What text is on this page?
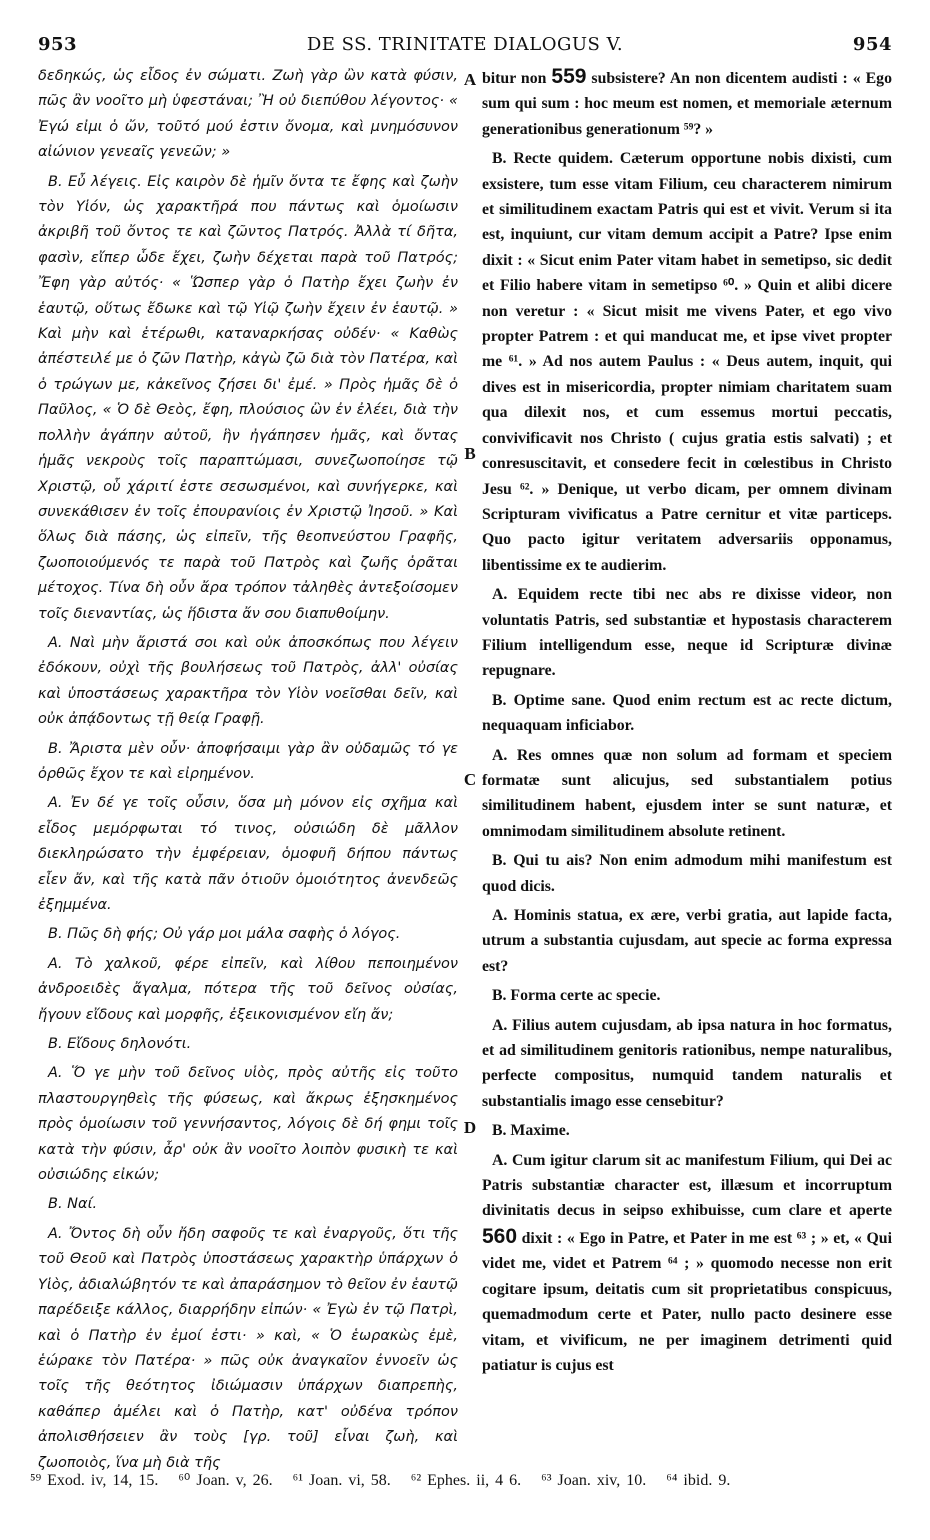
953	DE SS. TRINITATE DIALOGUS V.	954

δεδηκώς, ὡς εἶδος ἐν σώματι. Ζωὴ γὰρ ὢν κατὰ φύσιν, πῶς ἂν νοοῖτο μὴ ὑφεστάναι; Ἢ οὐ διεπύθου λέγοντος· « Ἐγώ εἰμι ὁ ὤν, τοῦτό μού ἐστιν ὄνομα, καὶ μνημόσυνον αἰώνιον γενεαῖς γενεῶν; »

Β. Εὖ λέγεις. Εἰς καιρὸν δὲ ἡμῖν ὄντα τε ἔφης καὶ ζωὴν τὸν Υἱόν, ὡς χαρακτῆρά που πάντως καὶ ὁμοίωσιν ἀκριβῆ τοῦ ὄντος τε καὶ ζῶντος Πατρός. Ἀλλὰ τί δῆτα, φασὶν, εἴπερ ὧδε ἔχει, ζωὴν δέχεται παρὰ τοῦ Πατρός; Ἔφη γὰρ αὐτός· « Ὥσπερ γὰρ ὁ Πατὴρ ἔχει ζωὴν ἐν ἑαυτῷ, οὕτως ἔδωκε καὶ τῷ Υἱῷ ζωὴν ἔχειν ἐν ἑαυτῷ. » Καὶ μὴν καὶ ἑτέρωθι, καταναρκήσας οὐδέν· « Καθὼς ἀπέστειλέ με ὁ ζῶν Πατὴρ, κἀγὼ ζῶ διὰ τὸν Πατέρα, καὶ ὁ τρώγων με, κἀκεῖνος ζήσει δι' ἐμέ. » Πρὸς ἡμᾶς δὲ ὁ Παῦλος, « Ὁ δὲ Θεὸς, ἔφη, πλούσιος ὢν ἐν ἐλέει, διὰ τὴν πολλὴν ἀγάπην αὐτοῦ, ἣν ἠγάπησεν ἡμᾶς, καὶ ὄντας ἡμᾶς νεκροὺς τοῖς παραπτώμασι, συνεζωοποίησε τῷ Χριστῷ, οὗ χάριτί ἐστε σεσωσμένοι, καὶ συνήγερκε, καὶ συνεκάθισεν ἐν τοῖς ἐπουρανίοις ἐν Χριστῷ Ἰησοῦ. » Καὶ ὅλως διὰ πάσης, ὡς εἰπεῖν, τῆς θεοπνεύστου Γραφῆς, ζωοποιούμενός τε παρὰ τοῦ Πατρὸς καὶ ζωῆς ὁρᾶται μέτοχος. Τίνα δὴ οὖν ἄρα τρόπον τἀληθὲς ἀντεξοίσομεν τοῖς διεναντίας, ὡς ἥδιστα ἄν σου διαπυθοίμην.

Α. Ναὶ μὴν ἄριστά σοι καὶ οὐκ ἀποσκόπως που λέγειν ἐδόκουν, οὐχὶ τῆς βουλήσεως τοῦ Πατρὸς, ἀλλ' οὐσίας καὶ ὑποστάσεως χαρακτῆρα τὸν Υἱὸν νοεῖσθαι δεῖν, καὶ οὐκ ἀπᾴδοντως τῇ θείᾳ Γραφῇ.

Β. Ἄριστα μὲν οὖν· ἀποφήσαιμι γὰρ ἂν οὐδαμῶς τό γε ὀρθῶς ἔχον τε καὶ εἰρημένον.

Α. Ἐν δέ γε τοῖς οὖσιν, ὅσα μὴ μόνον εἰς σχῆμα καὶ εἶδος μεμόρφωται τό τινος, οὐσιώδη δὲ μᾶλλον διεκληρώσατο τὴν ἐμφέρειαν, ὁμοφυῆ δήπου πάντως εἶεν ἄν, καὶ τῆς κατὰ πᾶν ὁτιοῦν ὁμοιότητος ἀνενδεῶς ἐξημμένα.

Β. Πῶς δὴ φής; Οὐ γάρ μοι μάλα σαφὴς ὁ λόγος.

Α. Τὸ χαλκοῦ, φέρε εἰπεῖν, καὶ λίθου πεποιημένον ἀνδροειδὲς ἄγαλμα, πότερα τῆς τοῦ δεῖνος οὐσίας, ἤγουν εἴδους καὶ μορφῆς, ἐξεικονισμένον εἴη ἄν;

Β. Εἴδους δηλονότι.

Α. Ὅ γε μὴν τοῦ δεῖνος υἱὸς, πρὸς αὐτῆς εἰς τοῦτο πλαστουργηθεὶς τῆς φύσεως, καὶ ἄκρως ἐξησκημένος πρὸς ὁμοίωσιν τοῦ γεννήσαντος, λόγοις δὲ δή φημι τοῖς κατὰ τὴν φύσιν, ἆρ' οὐκ ἂν νοοῖτο λοιπὸν φυσικὴ τε καὶ οὐσιώδης εἰκών;

Β. Ναί.

Α. Ὄντος δὴ οὖν ἤδη σαφοῦς τε καὶ ἐναργοῦς, ὅτι τῆς τοῦ Θεοῦ καὶ Πατρὸς ὑποστάσεως χαρακτὴρ ὑπάρχων ὁ Υἱὸς, ἀδιαλώβητόν τε καὶ ἀπαράσημον τὸ θεῖον ἐν ἑαυτῷ παρέδειξε κάλλος, διαρρήδην εἰπών· « Ἐγὼ ἐν τῷ Πατρὶ, καὶ ὁ Πατὴρ ἐν ἐμοί ἐστι· » καὶ, « Ὁ ἑωρακὼς ἐμὲ, ἑώρακε τὸν Πατέρα· » πῶς οὐκ ἀναγκαῖον ἐννοεῖν ὡς τοῖς τῆς θεότητος ἰδιώμασιν ὑπάρχων διαπρεπὴς, καθάπερ ἀμέλει καὶ ὁ Πατὴρ, κατ' οὐδένα τρόπον ἀπολισθήσειεν ἂν τοὺς [γρ. τοῦ] εἶναι ζωὴ, καὶ ζωοποιὸς, ἵνα μὴ διὰ τῆς

A
B
C
D

bitur non 559 subsistere? An non dicentem audisti : « Ego sum qui sum : hoc meum est nomen, et memoriale æternum generationibus generationum ⁵⁹? »

B. Recte quidem. Cæterum opportune nobis dixisti, cum exsistere, tum esse vitam Filium, ceu characterem nimirum et similitudinem exactam Patris qui est et vivit. Verum si ita est, inquiunt, cur vitam demum accipit a Patre? Ipse enim dixit : « Sicut enim Pater vitam habet in semetipso, sic dedit et Filio habere vitam in semetipso ⁶⁰. » Quin et alibi dicere non veretur : « Sicut misit me vivens Pater, et ego vivo propter Patrem : et qui manducat me, et ipse vivet propter me ⁶¹. » Ad nos autem Paulus : « Deus autem, inquit, qui dives est in misericordia, propter nimiam charitatem suam qua dilexit nos, et cum essemus mortui peccatis, convivificavit nos Christo ( cujus gratia estis salvati) ; et conresuscitavit, et consedere fecit in cœlestibus in Christo Jesu ⁶². » Denique, ut verbo dicam, per omnem divinam Scripturam vivificatus a Patre cernitur et vitæ particeps. Quo pacto igitur veritatem adversariis opponamus, libentissime ex te audierim.

A. Equidem recte tibi nec abs re dixisse videor, non voluntatis Patris, sed substantiæ et hypostasis characterem Filium intelligendum esse, neque id Scripturæ divinæ repugnare.

B. Optime sane. Quod enim rectum est ac recte dictum, nequaquam inficiabor.

A. Res omnes quæ non solum ad formam et speciem formatæ sunt alicujus, sed substantialem potius similitudinem habent, ejusdem inter se sunt naturæ, et omnimodam similitudinem absolute retinent.

B. Qui tu ais? Non enim admodum mihi manifestum est quod dicis.

A. Hominis statua, ex ære, verbi gratia, aut lapide facta, utrum a substantia cujusdam, aut specie ac forma expressa est?

B. Forma certe ac specie.

A. Filius autem cujusdam, ab ipsa natura in hoc formatus, et ad similitudinem genitoris rationibus, nempe naturalibus, perfecte compositus, numquid tandem naturalis et substantialis imago esse censebitur?

B. Maxime.

A. Cum igitur clarum sit ac manifestum Filium, qui Dei ac Patris substantiæ character est, illæsum et incorruptum divinitatis decus in seipso exhibuisse, cum clare et aperte 560 dixit : « Ego in Patre, et Pater in me est ⁶³ ; » et, « Qui videt me, videt et Patrem ⁶⁴ ; » quomodo necesse non erit cogitare ipsum, deitatis cum sit proprietatibus conspicuus, quemadmodum certe et Pater, nullo pacto desinere esse vitam, et vivificum, ne per imaginem detrimenti quid patiatur is cujus est

⁵⁹ Exod. iv, 14, 15. ⁶⁰ Joan. v, 26. ⁶¹ Joan. vi, 58. ⁶² Ephes. ii, 4 6. ⁶³ Joan. xiv, 10. ⁶⁴ ibid. 9.
